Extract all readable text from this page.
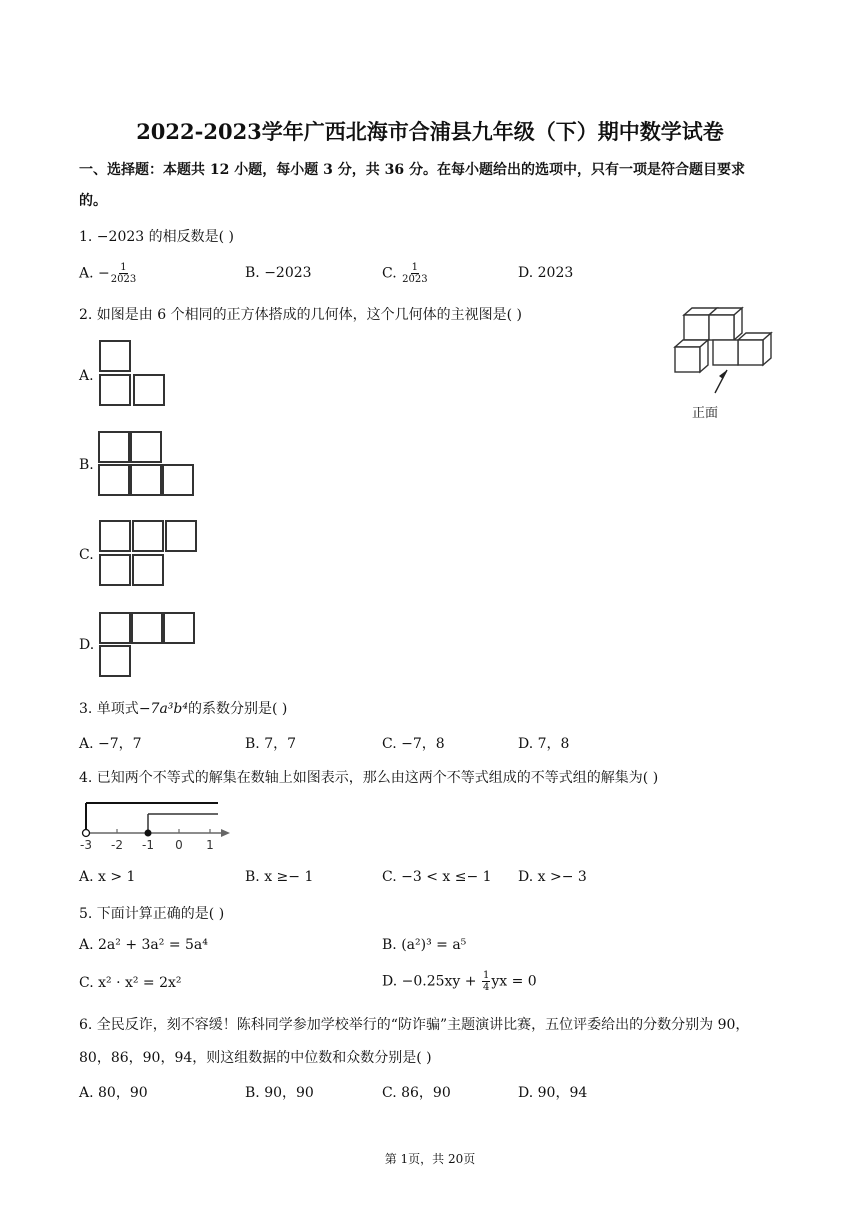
2022-2023学年广西北海市合浦县九年级（下）期中数学试卷
一、选择题：本题共 12 小题，每小题 3 分，共 36 分。在每小题给出的选项中，只有一项是符合题目要求
的。
1. −2023 的相反数是( )
A. − $\frac{1}{2023}$	B. −2023	C. $\frac{1}{2023}$	D. 2023
2. 如图是由 6 个相同的正方体搭成的几何体，这个几何体的主视图是( )
正面
A.
B.
C.
D.
3. 单项式−7a³b⁴的系数分别是( )
A. −7，7	B. 7，7	C. −7，8	D. 7，8
4. 已知两个不等式的解集在数轴上如图表示，那么由这两个不等式组成的不等式组的解集为( )
-3 -2 -1 0 1
A. x > 1	B. x ≥− 1	C. −3 < x ≤− 1 D. x >− 3
5. 下面计算正确的是( )
A. 2a² + 3a² = 5a⁴	B. (a²)³ = a⁵
C. x² · x² = 2x²	D. $-0.25xy + \frac{1}{4}$ yx = 0
6. 全民反诈，刻不容缓！陈科同学参加学校举行的“防诈骗”主题演讲比赛，五位评委给出的分数分别为 90，
80，86，90，94，则这组数据的中位数和众数分别是( )
A. 80，90	B. 90，90	C. 86，90	D. 90，94
第 1页，共 20页
